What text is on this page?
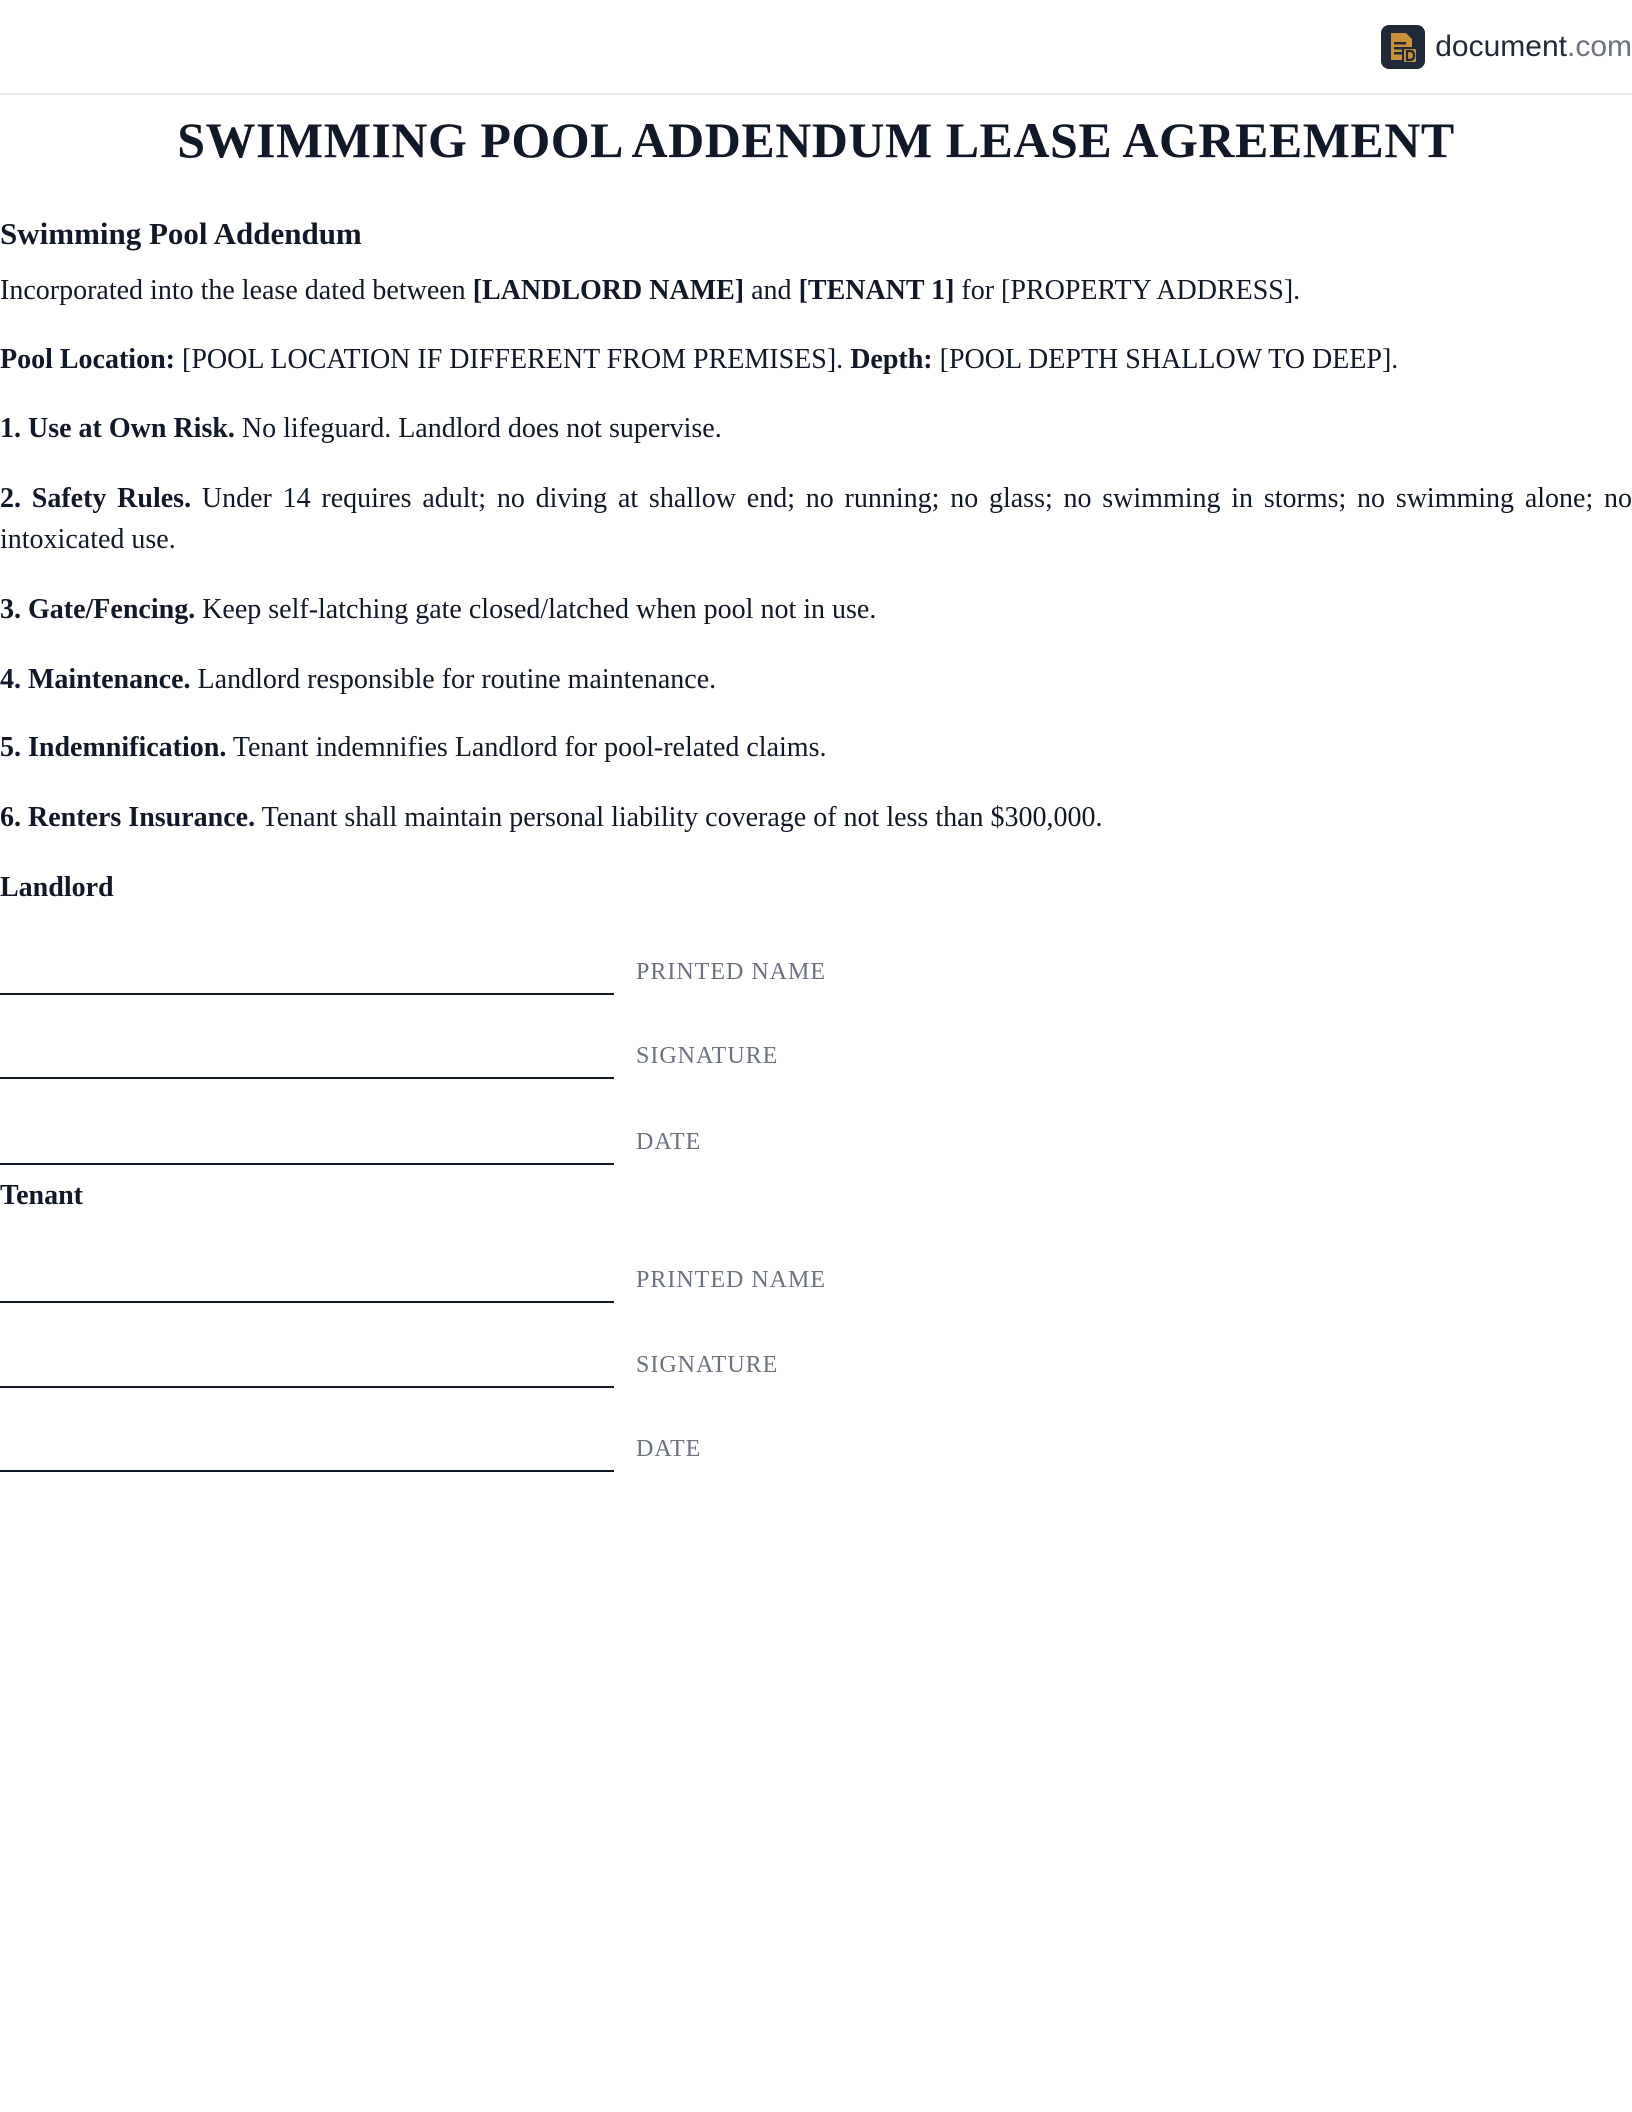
document.com
SWIMMING POOL ADDENDUM LEASE AGREEMENT
Swimming Pool Addendum

Incorporated into the lease dated between [LANDLORD NAME] and [TENANT 1] for [PROPERTY ADDRESS].

Pool Location: [POOL LOCATION IF DIFFERENT FROM PREMISES]. Depth: [POOL DEPTH SHALLOW TO DEEP].

1. Use at Own Risk. No lifeguard. Landlord does not supervise.

2. Safety Rules. Under 14 requires adult; no diving at shallow end; no running; no glass; no swimming in storms; no swimming alone; no intoxicated use.

3. Gate/Fencing. Keep self-latching gate closed/latched when pool not in use.

4. Maintenance. Landlord responsible for routine maintenance.

5. Indemnification. Tenant indemnifies Landlord for pool-related claims.

6. Renters Insurance. Tenant shall maintain personal liability coverage of not less than $300,000.

Landlord
PRINTED NAME
SIGNATURE
DATE
Tenant
PRINTED NAME
SIGNATURE
DATE
